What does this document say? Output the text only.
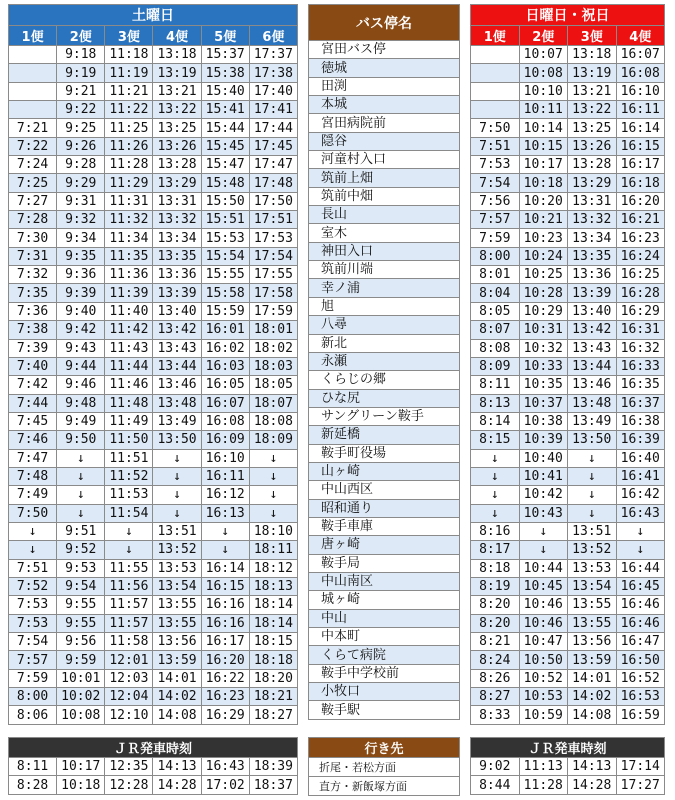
土曜日					
1便	2便	3便	4便	5便	6便
	9:18	11:18	13:18	15:37	17:37
	9:19	11:19	13:19	15:38	17:38
	9:21	11:21	13:21	15:40	17:40
	9:22	11:22	13:22	15:41	17:41
7:21	9:25	11:25	13:25	15:44	17:44
7:22	9:26	11:26	13:26	15:45	17:45
7:24	9:28	11:28	13:28	15:47	17:47
7:25	9:29	11:29	13:29	15:48	17:48
7:27	9:31	11:31	13:31	15:50	17:50
7:28	9:32	11:32	13:32	15:51	17:51
7:30	9:34	11:34	13:34	15:53	17:53
7:31	9:35	11:35	13:35	15:54	17:54
7:32	9:36	11:36	13:36	15:55	17:55
7:35	9:39	11:39	13:39	15:58	17:58
7:36	9:40	11:40	13:40	15:59	17:59
7:38	9:42	11:42	13:42	16:01	18:01
7:39	9:43	11:43	13:43	16:02	18:02
7:40	9:44	11:44	13:44	16:03	18:03
7:42	9:46	11:46	13:46	16:05	18:05
7:44	9:48	11:48	13:48	16:07	18:07
7:45	9:49	11:49	13:49	16:08	18:08
7:46	9:50	11:50	13:50	16:09	18:09
7:47	↓	11:51	↓	16:10	↓
7:48	↓	11:52	↓	16:11	↓
7:49	↓	11:53	↓	16:12	↓
7:50	↓	11:54	↓	16:13	↓
↓	9:51	↓	13:51	↓	18:10
↓	9:52	↓	13:52	↓	18:11
7:51	9:53	11:55	13:53	16:14	18:12
7:52	9:54	11:56	13:54	16:15	18:13
7:53	9:55	11:57	13:55	16:16	18:14
7:53	9:55	11:57	13:55	16:16	18:14
7:54	9:56	11:58	13:56	16:17	18:15
7:57	9:59	12:01	13:59	16:20	18:18
7:59	10:01	12:03	14:01	16:22	18:20
8:00	10:02	12:04	14:02	16:23	18:21
8:06	10:08	12:10	14:08	16:29	18:27
バス停名
宮田バス停
徳城
田渕
本城
宮田病院前
隠谷
河童村入口
筑前上畑
筑前中畑
長山
室木
神田入口
筑前川端
幸ノ浦
旭
八尋
新北
永瀬
くらじの郷
ひな尻
サングリーン鞍手
新延橋
鞍手町役場
山ヶ崎
中山西区
昭和通り
鞍手車庫
唐ヶ崎
鞍手局
中山南区
城ヶ崎
中山
中本町
くらて病院
鞍手中学校前
小牧口
鞍手駅
日曜日・祝日			
1便	2便	3便	4便
	10:07	13:18	16:07
	10:08	13:19	16:08
	10:10	13:21	16:10
	10:11	13:22	16:11
7:50	10:14	13:25	16:14
7:51	10:15	13:26	16:15
7:53	10:17	13:28	16:17
7:54	10:18	13:29	16:18
7:56	10:20	13:31	16:20
7:57	10:21	13:32	16:21
7:59	10:23	13:34	16:23
8:00	10:24	13:35	16:24
8:01	10:25	13:36	16:25
8:04	10:28	13:39	16:28
8:05	10:29	13:40	16:29
8:07	10:31	13:42	16:31
8:08	10:32	13:43	16:32
8:09	10:33	13:44	16:33
8:11	10:35	13:46	16:35
8:13	10:37	13:48	16:37
8:14	10:38	13:49	16:38
8:15	10:39	13:50	16:39
↓	10:40	↓	16:40
↓	10:41	↓	16:41
↓	10:42	↓	16:42
↓	10:43	↓	16:43
8:16	↓	13:51	↓
8:17	↓	13:52	↓
8:18	10:44	13:53	16:44
8:19	10:45	13:54	16:45
8:20	10:46	13:55	16:46
8:20	10:46	13:55	16:46
8:21	10:47	13:56	16:47
8:24	10:50	13:59	16:50
8:26	10:52	14:01	16:52
8:27	10:53	14:02	16:53
8:33	10:59	14:08	16:59
ＪＲ発車時刻					
8:11	10:17	12:35	14:13	16:43	18:39
8:28	10:18	12:28	14:28	17:02	18:37
行き先
折尾・若松方面
直方・新飯塚方面
ＪＲ発車時刻			
9:02	11:13	14:13	17:14
8:44	11:28	14:28	17:27
